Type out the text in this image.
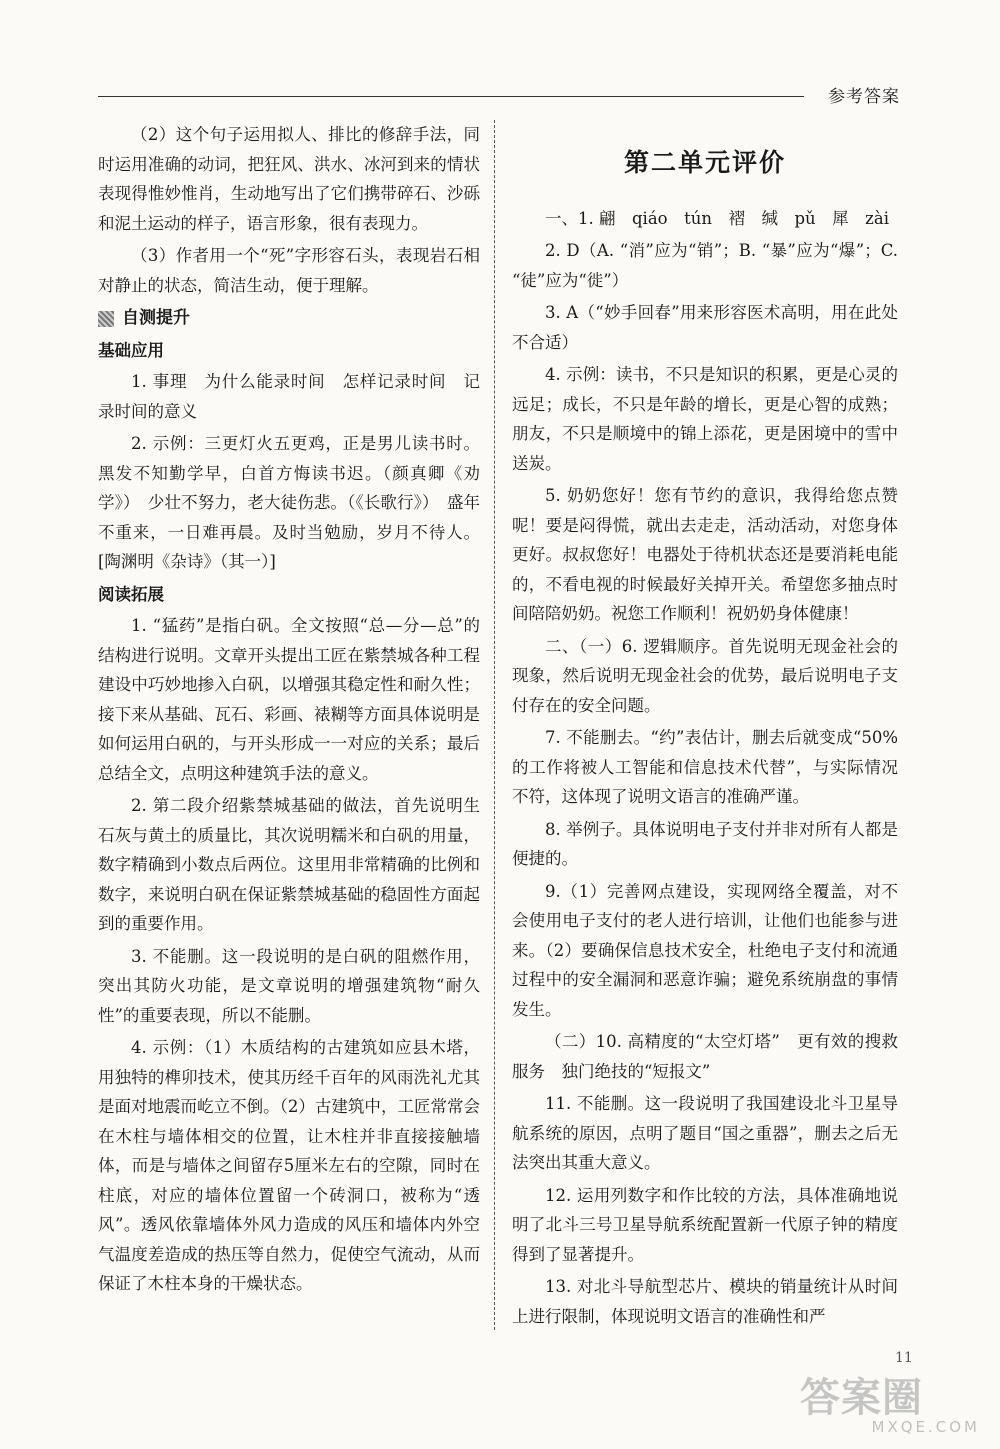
参考答案

（2）这个句子运用拟人、排比的修辞手法，同时运用准确的动词，把狂风、洪水、冰河到来的情状表现得惟妙惟肖，生动地写出了它们携带碎石、沙砾和泥土运动的样子，语言形象，很有表现力。

（3）作者用一个“死”字形容石头，表现岩石相对静止的状态，简洁生动，便于理解。

自测提升
基础应用

1. 事理　为什么能录时间　怎样记录时间　记录时间的意义

2. 示例：三更灯火五更鸡，正是男儿读书时。黑发不知勤学早，白首方悔读书迟。（颜真卿《劝学》）　少壮不努力，老大徒伤悲。（《长歌行》）　盛年不重来，一日难再晨。及时当勉励，岁月不待人。[陶渊明《杂诗》（其一）]

阅读拓展

1. “猛药”是指白矾。全文按照“总—分—总”的结构进行说明。文章开头提出工匠在紫禁城各种工程建设中巧妙地掺入白矾，以增强其稳定性和耐久性；接下来从基础、瓦石、彩画、裱糊等方面具体说明是如何运用白矾的，与开头形成一一对应的关系；最后总结全文，点明这种建筑手法的意义。

2. 第二段介绍紫禁城基础的做法，首先说明生石灰与黄土的质量比，其次说明糯米和白矾的用量，数字精确到小数点后两位。这里用非常精确的比例和数字，来说明白矾在保证紫禁城基础的稳固性方面起到的重要作用。

3. 不能删。这一段说明的是白矾的阻燃作用，突出其防火功能，是文章说明的增强建筑物“耐久性”的重要表现，所以不能删。

4. 示例：（1）木质结构的古建筑如应县木塔，用独特的榫卯技术，使其历经千百年的风雨洗礼尤其是面对地震而屹立不倒。（2）古建筑中，工匠常常会在木柱与墙体相交的位置，让木柱并非直接接触墙体，而是与墙体之间留存5厘米左右的空隙，同时在柱底，对应的墙体位置留一个砖洞口，被称为“透风”。透风依靠墙体外风力造成的风压和墙体内外空气温度差造成的热压等自然力，促使空气流动，从而保证了木柱本身的干燥状态。

第二单元评价

一、1. 翩　qiáo　tún　褶　缄　pǔ　犀　zài

2. D（A. “消”应为“销”；B. “暴”应为“爆”；C. “徒”应为“徙”）

3. A（“妙手回春”用来形容医术高明，用在此处不合适）

4. 示例：读书，不只是知识的积累，更是心灵的远足；成长，不只是年龄的增长，更是心智的成熟；朋友，不只是顺境中的锦上添花，更是困境中的雪中送炭。

5. 奶奶您好！您有节约的意识，我得给您点赞呢！要是闷得慌，就出去走走，活动活动，对您身体更好。叔叔您好！电器处于待机状态还是要消耗电能的，不看电视的时候最好关掉开关。希望您多抽点时间陪陪奶奶。祝您工作顺利！祝奶奶身体健康！

二、（一）6. 逻辑顺序。首先说明无现金社会的现象，然后说明无现金社会的优势，最后说明电子支付存在的安全问题。

7. 不能删去。“约”表估计，删去后就变成“50%的工作将被人工智能和信息技术代替”，与实际情况不符，这体现了说明文语言的准确严谨。

8. 举例子。具体说明电子支付并非对所有人都是便捷的。

9.（1）完善网点建设，实现网络全覆盖，对不会使用电子支付的老人进行培训，让他们也能参与进来。（2）要确保信息技术安全，杜绝电子支付和流通过程中的安全漏洞和恶意诈骗；避免系统崩盘的事情发生。

（二）10. 高精度的“太空灯塔”　更有效的搜救服务　独门绝技的“短报文”

11. 不能删。这一段说明了我国建设北斗卫星导航系统的原因，点明了题目“国之重器”，删去之后无法突出其重大意义。

12. 运用列数字和作比较的方法，具体准确地说明了北斗三号卫星导航系统配置新一代原子钟的精度得到了显著提升。

13. 对北斗导航型芯片、模块的销量统计从时间上进行限制，体现说明文语言的准确性和严

11
答案圈
MXQE.COM
